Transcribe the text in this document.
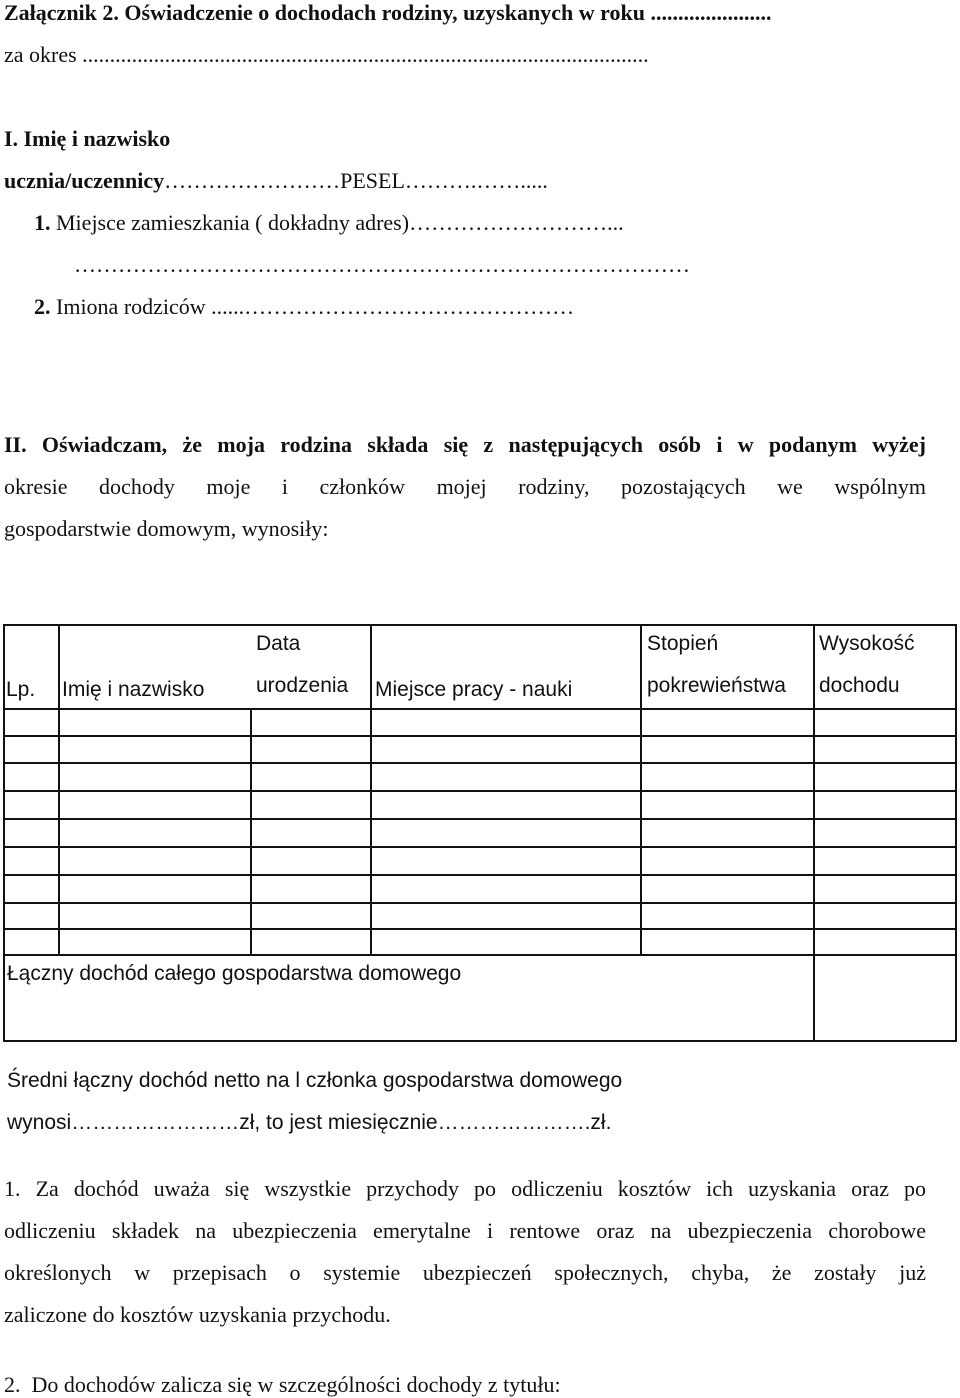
Załącznik 2. Oświadczenie o dochodach rodziny, uzyskanych w roku ......................
za okres .......................................................................................................
I. Imię i nazwisko
ucznia/uczennicy……………………PESEL……….…….....
1. Miejsce zamieszkania ( dokładny adres)………………………...
…………………………………………………………………………
2. Imiona rodziców ......………………………………………
II. Oświadczam, że moja rodzina składa się z następujących osób i w podanym wyżej
okresie dochody moje i członków mojej rodziny, pozostających we wspólnym
gospodarstwie domowym, wynosiły:
Lp. Imię i nazwisko
Data
urodzenia Miejsce pracy - nauki
Stopień
pokrewieństwa
Wysokość
dochodu
Łączny dochód całego gospodarstwa domowego
Średni łączny dochód netto na l członka gospodarstwa domowego
wynosi……………………zł, to jest miesięcznie………………….zł.
1. Za dochód uważa się wszystkie przychody po odliczeniu kosztów ich uzyskania oraz po
odliczeniu składek na ubezpieczenia emerytalne i rentowe oraz na ubezpieczenia chorobowe
określonych w przepisach o systemie ubezpieczeń społecznych, chyba, że zostały już
zaliczone do kosztów uzyskania przychodu.
2. Do dochodów zalicza się w szczególności dochody z tytułu:
